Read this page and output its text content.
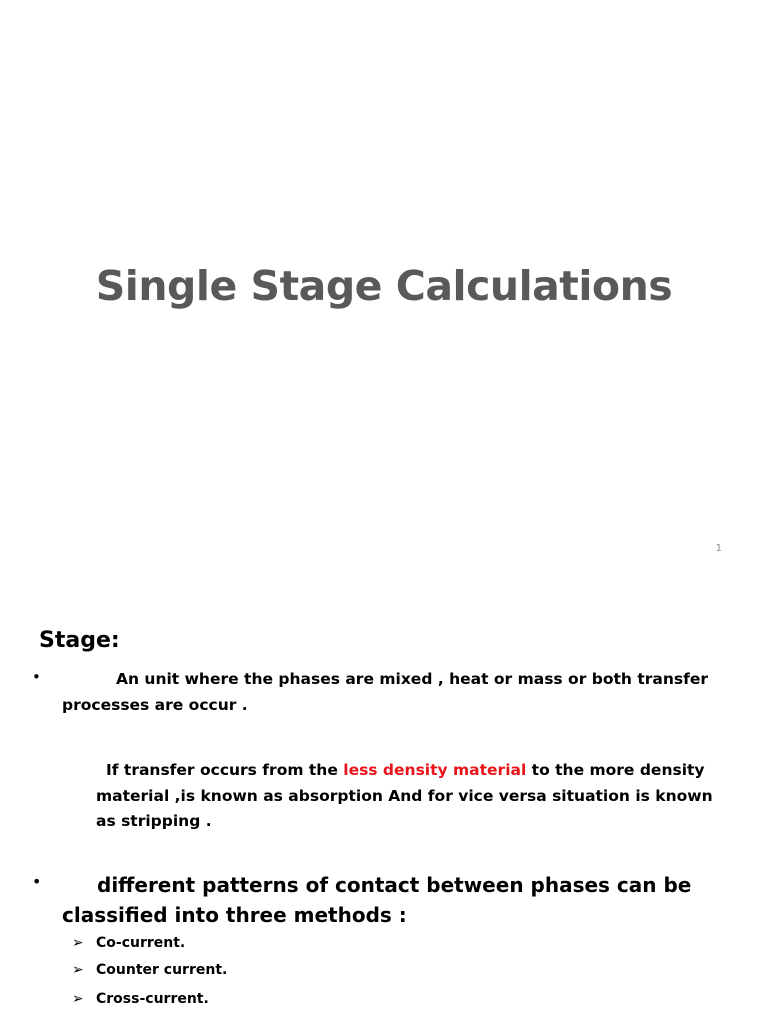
Single Stage Calculations
1
Stage:
•	An unit where the phases are mixed , heat or mass or both transfer processes are occur .
If transfer occurs from the less density material to the more density material ,is known as absorption And for vice versa situation is known as stripping .
•	different patterns of contact between phases can be classified into three methods :
➢ Co-current.
➢ Counter current.
➢ Cross-current.
